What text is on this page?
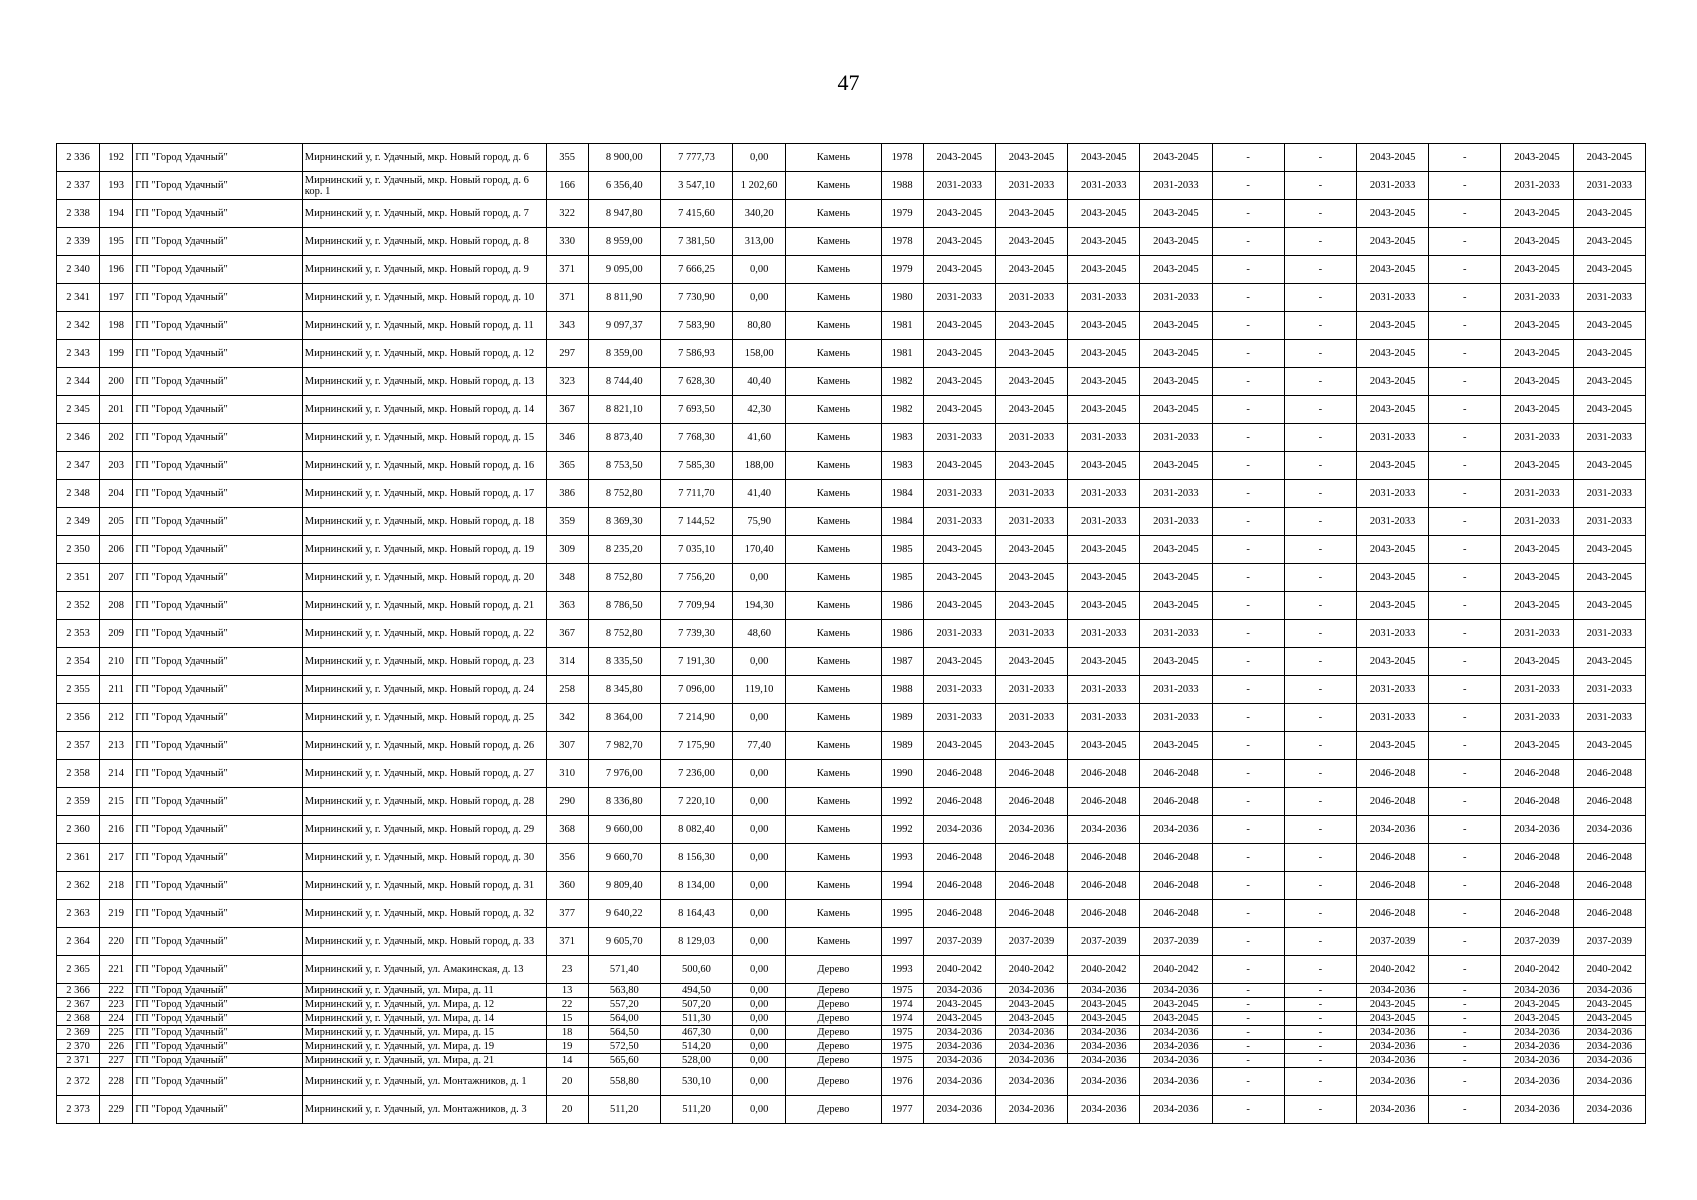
47
2 336	192	ГП "Город Удачный"	Мирнинский у, г. Удачный, мкр. Новый город, д. 6	355	8 900,00	7 777,73	0,00	Камень	1978	2043-2045	2043-2045	2043-2045	2043-2045	-	-	2043-2045	-	2043-2045	2043-2045
2 337	193	ГП "Город Удачный"	Мирнинский у, г. Удачный, мкр. Новый город, д. 6 кор. 1	166	6 356,40	3 547,10	1 202,60	Камень	1988	2031-2033	2031-2033	2031-2033	2031-2033	-	-	2031-2033	-	2031-2033	2031-2033
2 338	194	ГП "Город Удачный"	Мирнинский у, г. Удачный, мкр. Новый город, д. 7	322	8 947,80	7 415,60	340,20	Камень	1979	2043-2045	2043-2045	2043-2045	2043-2045	-	-	2043-2045	-	2043-2045	2043-2045
2 339	195	ГП "Город Удачный"	Мирнинский у, г. Удачный, мкр. Новый город, д. 8	330	8 959,00	7 381,50	313,00	Камень	1978	2043-2045	2043-2045	2043-2045	2043-2045	-	-	2043-2045	-	2043-2045	2043-2045
2 340	196	ГП "Город Удачный"	Мирнинский у, г. Удачный, мкр. Новый город, д. 9	371	9 095,00	7 666,25	0,00	Камень	1979	2043-2045	2043-2045	2043-2045	2043-2045	-	-	2043-2045	-	2043-2045	2043-2045
2 341	197	ГП "Город Удачный"	Мирнинский у, г. Удачный, мкр. Новый город, д. 10	371	8 811,90	7 730,90	0,00	Камень	1980	2031-2033	2031-2033	2031-2033	2031-2033	-	-	2031-2033	-	2031-2033	2031-2033
2 342	198	ГП "Город Удачный"	Мирнинский у, г. Удачный, мкр. Новый город, д. 11	343	9 097,37	7 583,90	80,80	Камень	1981	2043-2045	2043-2045	2043-2045	2043-2045	-	-	2043-2045	-	2043-2045	2043-2045
2 343	199	ГП "Город Удачный"	Мирнинский у, г. Удачный, мкр. Новый город, д. 12	297	8 359,00	7 586,93	158,00	Камень	1981	2043-2045	2043-2045	2043-2045	2043-2045	-	-	2043-2045	-	2043-2045	2043-2045
2 344	200	ГП "Город Удачный"	Мирнинский у, г. Удачный, мкр. Новый город, д. 13	323	8 744,40	7 628,30	40,40	Камень	1982	2043-2045	2043-2045	2043-2045	2043-2045	-	-	2043-2045	-	2043-2045	2043-2045
2 345	201	ГП "Город Удачный"	Мирнинский у, г. Удачный, мкр. Новый город, д. 14	367	8 821,10	7 693,50	42,30	Камень	1982	2043-2045	2043-2045	2043-2045	2043-2045	-	-	2043-2045	-	2043-2045	2043-2045
2 346	202	ГП "Город Удачный"	Мирнинский у, г. Удачный, мкр. Новый город, д. 15	346	8 873,40	7 768,30	41,60	Камень	1983	2031-2033	2031-2033	2031-2033	2031-2033	-	-	2031-2033	-	2031-2033	2031-2033
2 347	203	ГП "Город Удачный"	Мирнинский у, г. Удачный, мкр. Новый город, д. 16	365	8 753,50	7 585,30	188,00	Камень	1983	2043-2045	2043-2045	2043-2045	2043-2045	-	-	2043-2045	-	2043-2045	2043-2045
2 348	204	ГП "Город Удачный"	Мирнинский у, г. Удачный, мкр. Новый город, д. 17	386	8 752,80	7 711,70	41,40	Камень	1984	2031-2033	2031-2033	2031-2033	2031-2033	-	-	2031-2033	-	2031-2033	2031-2033
2 349	205	ГП "Город Удачный"	Мирнинский у, г. Удачный, мкр. Новый город, д. 18	359	8 369,30	7 144,52	75,90	Камень	1984	2031-2033	2031-2033	2031-2033	2031-2033	-	-	2031-2033	-	2031-2033	2031-2033
2 350	206	ГП "Город Удачный"	Мирнинский у, г. Удачный, мкр. Новый город, д. 19	309	8 235,20	7 035,10	170,40	Камень	1985	2043-2045	2043-2045	2043-2045	2043-2045	-	-	2043-2045	-	2043-2045	2043-2045
2 351	207	ГП "Город Удачный"	Мирнинский у, г. Удачный, мкр. Новый город, д. 20	348	8 752,80	7 756,20	0,00	Камень	1985	2043-2045	2043-2045	2043-2045	2043-2045	-	-	2043-2045	-	2043-2045	2043-2045
2 352	208	ГП "Город Удачный"	Мирнинский у, г. Удачный, мкр. Новый город, д. 21	363	8 786,50	7 709,94	194,30	Камень	1986	2043-2045	2043-2045	2043-2045	2043-2045	-	-	2043-2045	-	2043-2045	2043-2045
2 353	209	ГП "Город Удачный"	Мирнинский у, г. Удачный, мкр. Новый город, д. 22	367	8 752,80	7 739,30	48,60	Камень	1986	2031-2033	2031-2033	2031-2033	2031-2033	-	-	2031-2033	-	2031-2033	2031-2033
2 354	210	ГП "Город Удачный"	Мирнинский у, г. Удачный, мкр. Новый город, д. 23	314	8 335,50	7 191,30	0,00	Камень	1987	2043-2045	2043-2045	2043-2045	2043-2045	-	-	2043-2045	-	2043-2045	2043-2045
2 355	211	ГП "Город Удачный"	Мирнинский у, г. Удачный, мкр. Новый город, д. 24	258	8 345,80	7 096,00	119,10	Камень	1988	2031-2033	2031-2033	2031-2033	2031-2033	-	-	2031-2033	-	2031-2033	2031-2033
2 356	212	ГП "Город Удачный"	Мирнинский у, г. Удачный, мкр. Новый город, д. 25	342	8 364,00	7 214,90	0,00	Камень	1989	2031-2033	2031-2033	2031-2033	2031-2033	-	-	2031-2033	-	2031-2033	2031-2033
2 357	213	ГП "Город Удачный"	Мирнинский у, г. Удачный, мкр. Новый город, д. 26	307	7 982,70	7 175,90	77,40	Камень	1989	2043-2045	2043-2045	2043-2045	2043-2045	-	-	2043-2045	-	2043-2045	2043-2045
2 358	214	ГП "Город Удачный"	Мирнинский у, г. Удачный, мкр. Новый город, д. 27	310	7 976,00	7 236,00	0,00	Камень	1990	2046-2048	2046-2048	2046-2048	2046-2048	-	-	2046-2048	-	2046-2048	2046-2048
2 359	215	ГП "Город Удачный"	Мирнинский у, г. Удачный, мкр. Новый город, д. 28	290	8 336,80	7 220,10	0,00	Камень	1992	2046-2048	2046-2048	2046-2048	2046-2048	-	-	2046-2048	-	2046-2048	2046-2048
2 360	216	ГП "Город Удачный"	Мирнинский у, г. Удачный, мкр. Новый город, д. 29	368	9 660,00	8 082,40	0,00	Камень	1992	2034-2036	2034-2036	2034-2036	2034-2036	-	-	2034-2036	-	2034-2036	2034-2036
2 361	217	ГП "Город Удачный"	Мирнинский у, г. Удачный, мкр. Новый город, д. 30	356	9 660,70	8 156,30	0,00	Камень	1993	2046-2048	2046-2048	2046-2048	2046-2048	-	-	2046-2048	-	2046-2048	2046-2048
2 362	218	ГП "Город Удачный"	Мирнинский у, г. Удачный, мкр. Новый город, д. 31	360	9 809,40	8 134,00	0,00	Камень	1994	2046-2048	2046-2048	2046-2048	2046-2048	-	-	2046-2048	-	2046-2048	2046-2048
2 363	219	ГП "Город Удачный"	Мирнинский у, г. Удачный, мкр. Новый город, д. 32	377	9 640,22	8 164,43	0,00	Камень	1995	2046-2048	2046-2048	2046-2048	2046-2048	-	-	2046-2048	-	2046-2048	2046-2048
2 364	220	ГП "Город Удачный"	Мирнинский у, г. Удачный, мкр. Новый город, д. 33	371	9 605,70	8 129,03	0,00	Камень	1997	2037-2039	2037-2039	2037-2039	2037-2039	-	-	2037-2039	-	2037-2039	2037-2039
2 365	221	ГП "Город Удачный"	Мирнинский у, г. Удачный, ул. Амакинская, д. 13	23	571,40	500,60	0,00	Дерево	1993	2040-2042	2040-2042	2040-2042	2040-2042	-	-	2040-2042	-	2040-2042	2040-2042
2 366	222	ГП "Город Удачный"	Мирнинский у, г. Удачный, ул. Мира, д. 11	13	563,80	494,50	0,00	Дерево	1975	2034-2036	2034-2036	2034-2036	2034-2036	-	-	2034-2036	-	2034-2036	2034-2036
2 367	223	ГП "Город Удачный"	Мирнинский у, г. Удачный, ул. Мира, д. 12	22	557,20	507,20	0,00	Дерево	1974	2043-2045	2043-2045	2043-2045	2043-2045	-	-	2043-2045	-	2043-2045	2043-2045
2 368	224	ГП "Город Удачный"	Мирнинский у, г. Удачный, ул. Мира, д. 14	15	564,00	511,30	0,00	Дерево	1974	2043-2045	2043-2045	2043-2045	2043-2045	-	-	2043-2045	-	2043-2045	2043-2045
2 369	225	ГП "Город Удачный"	Мирнинский у, г. Удачный, ул. Мира, д. 15	18	564,50	467,30	0,00	Дерево	1975	2034-2036	2034-2036	2034-2036	2034-2036	-	-	2034-2036	-	2034-2036	2034-2036
2 370	226	ГП "Город Удачный"	Мирнинский у, г. Удачный, ул. Мира, д. 19	19	572,50	514,20	0,00	Дерево	1975	2034-2036	2034-2036	2034-2036	2034-2036	-	-	2034-2036	-	2034-2036	2034-2036
2 371	227	ГП "Город Удачный"	Мирнинский у, г. Удачный, ул. Мира, д. 21	14	565,60	528,00	0,00	Дерево	1975	2034-2036	2034-2036	2034-2036	2034-2036	-	-	2034-2036	-	2034-2036	2034-2036
2 372	228	ГП "Город Удачный"	Мирнинский у, г. Удачный, ул. Монтажников, д. 1	20	558,80	530,10	0,00	Дерево	1976	2034-2036	2034-2036	2034-2036	2034-2036	-	-	2034-2036	-	2034-2036	2034-2036
2 373	229	ГП "Город Удачный"	Мирнинский у, г. Удачный, ул. Монтажников, д. 3	20	511,20	511,20	0,00	Дерево	1977	2034-2036	2034-2036	2034-2036	2034-2036	-	-	2034-2036	-	2034-2036	2034-2036
